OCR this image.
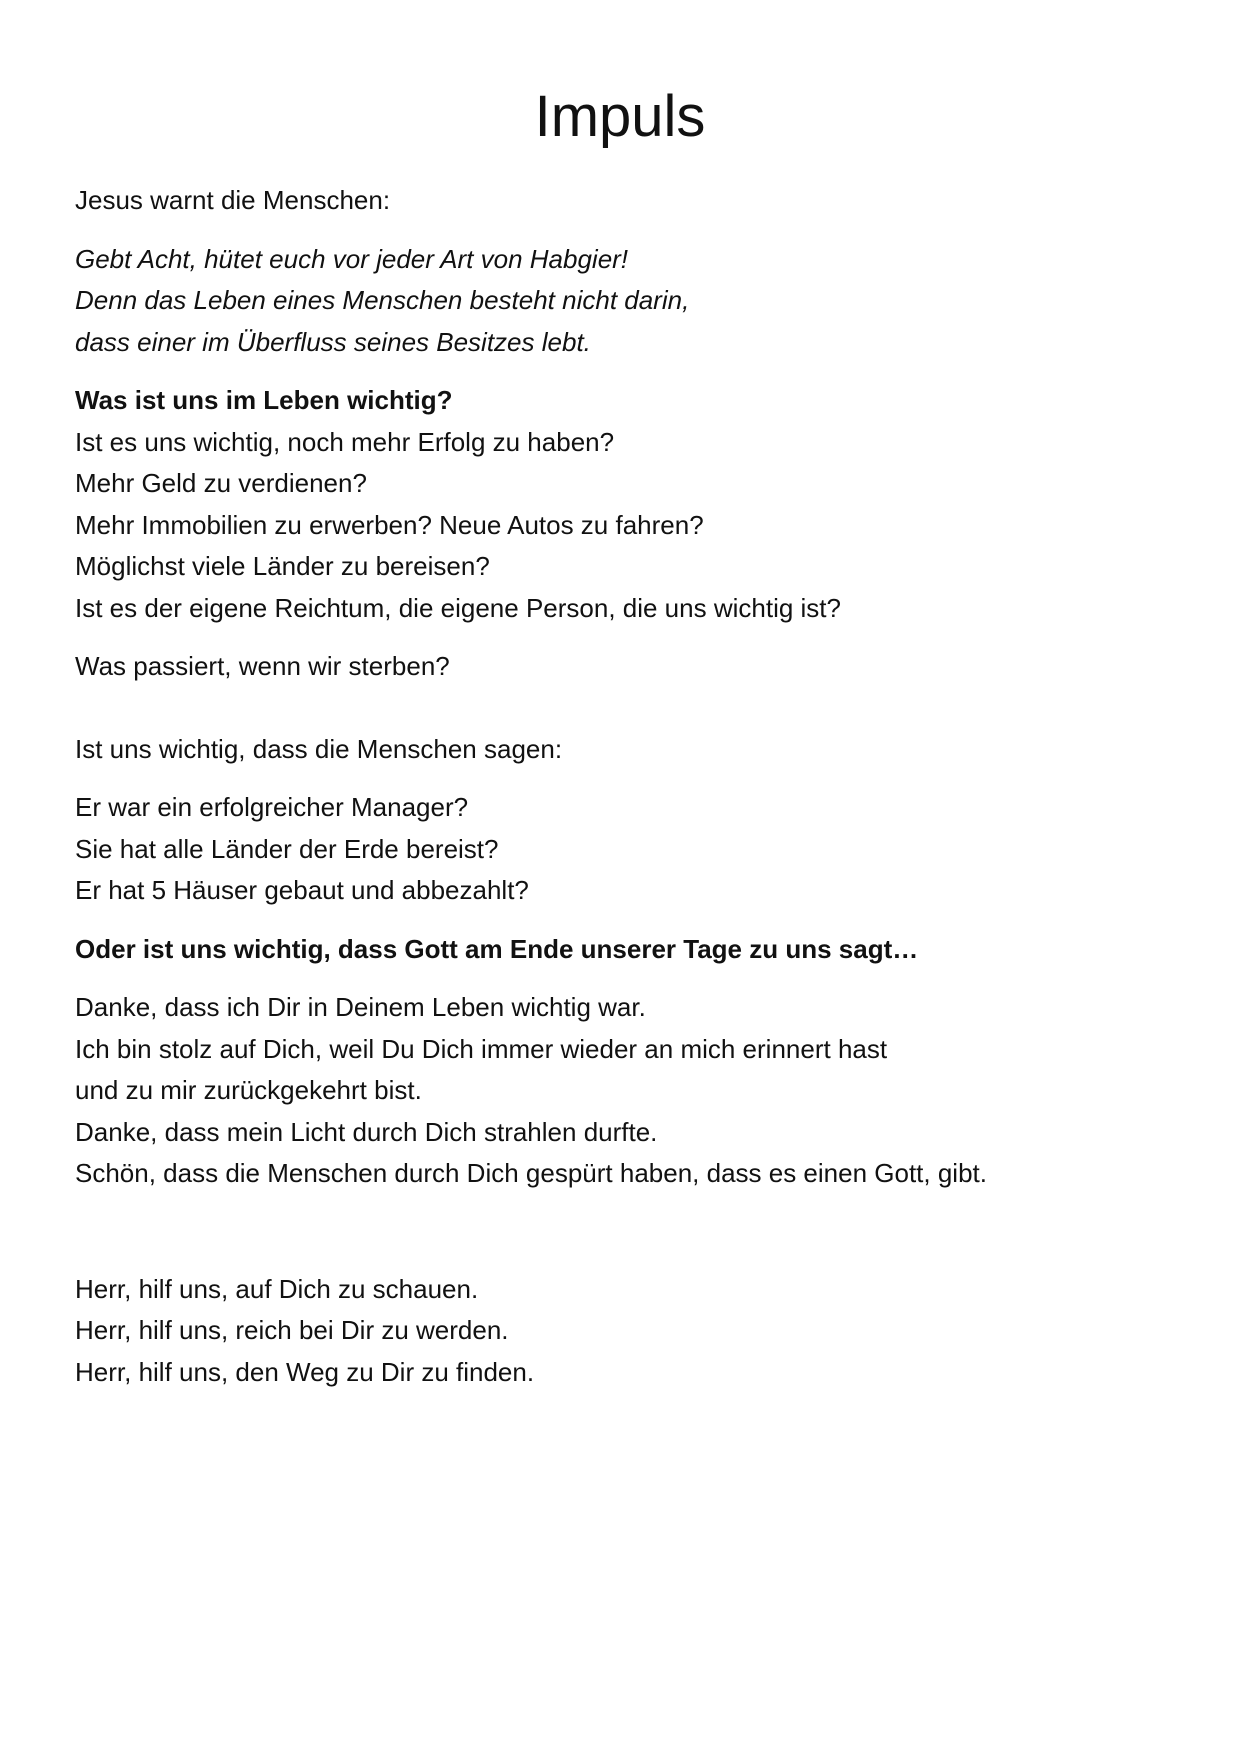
Impuls
Jesus warnt die Menschen:
Gebt Acht, hütet euch vor jeder Art von Habgier!
Denn das Leben eines Menschen besteht nicht darin,
dass einer im Überfluss seines Besitzes lebt.
Was ist uns im Leben wichtig?
Ist es uns wichtig, noch mehr Erfolg zu haben?
Mehr Geld zu verdienen?
Mehr Immobilien zu erwerben? Neue Autos zu fahren?
Möglichst viele Länder zu bereisen?
Ist es der eigene Reichtum, die eigene Person, die uns wichtig ist?
Was passiert, wenn wir sterben?
Ist uns wichtig, dass die Menschen sagen:
Er war ein erfolgreicher Manager?
Sie hat alle Länder der Erde bereist?
Er hat 5 Häuser gebaut und abbezahlt?
Oder ist uns wichtig, dass Gott am Ende unserer Tage zu uns sagt…
Danke, dass ich Dir in Deinem Leben wichtig war.
Ich bin stolz auf Dich, weil Du Dich immer wieder an mich erinnert hast
und zu mir zurückgekehrt bist.
Danke, dass mein Licht durch Dich strahlen durfte.
Schön, dass die Menschen durch Dich gespürt haben, dass es einen Gott, gibt.
Herr, hilf uns, auf Dich zu schauen.
Herr, hilf uns, reich bei Dir zu werden.
Herr, hilf uns, den Weg zu Dir zu finden.
